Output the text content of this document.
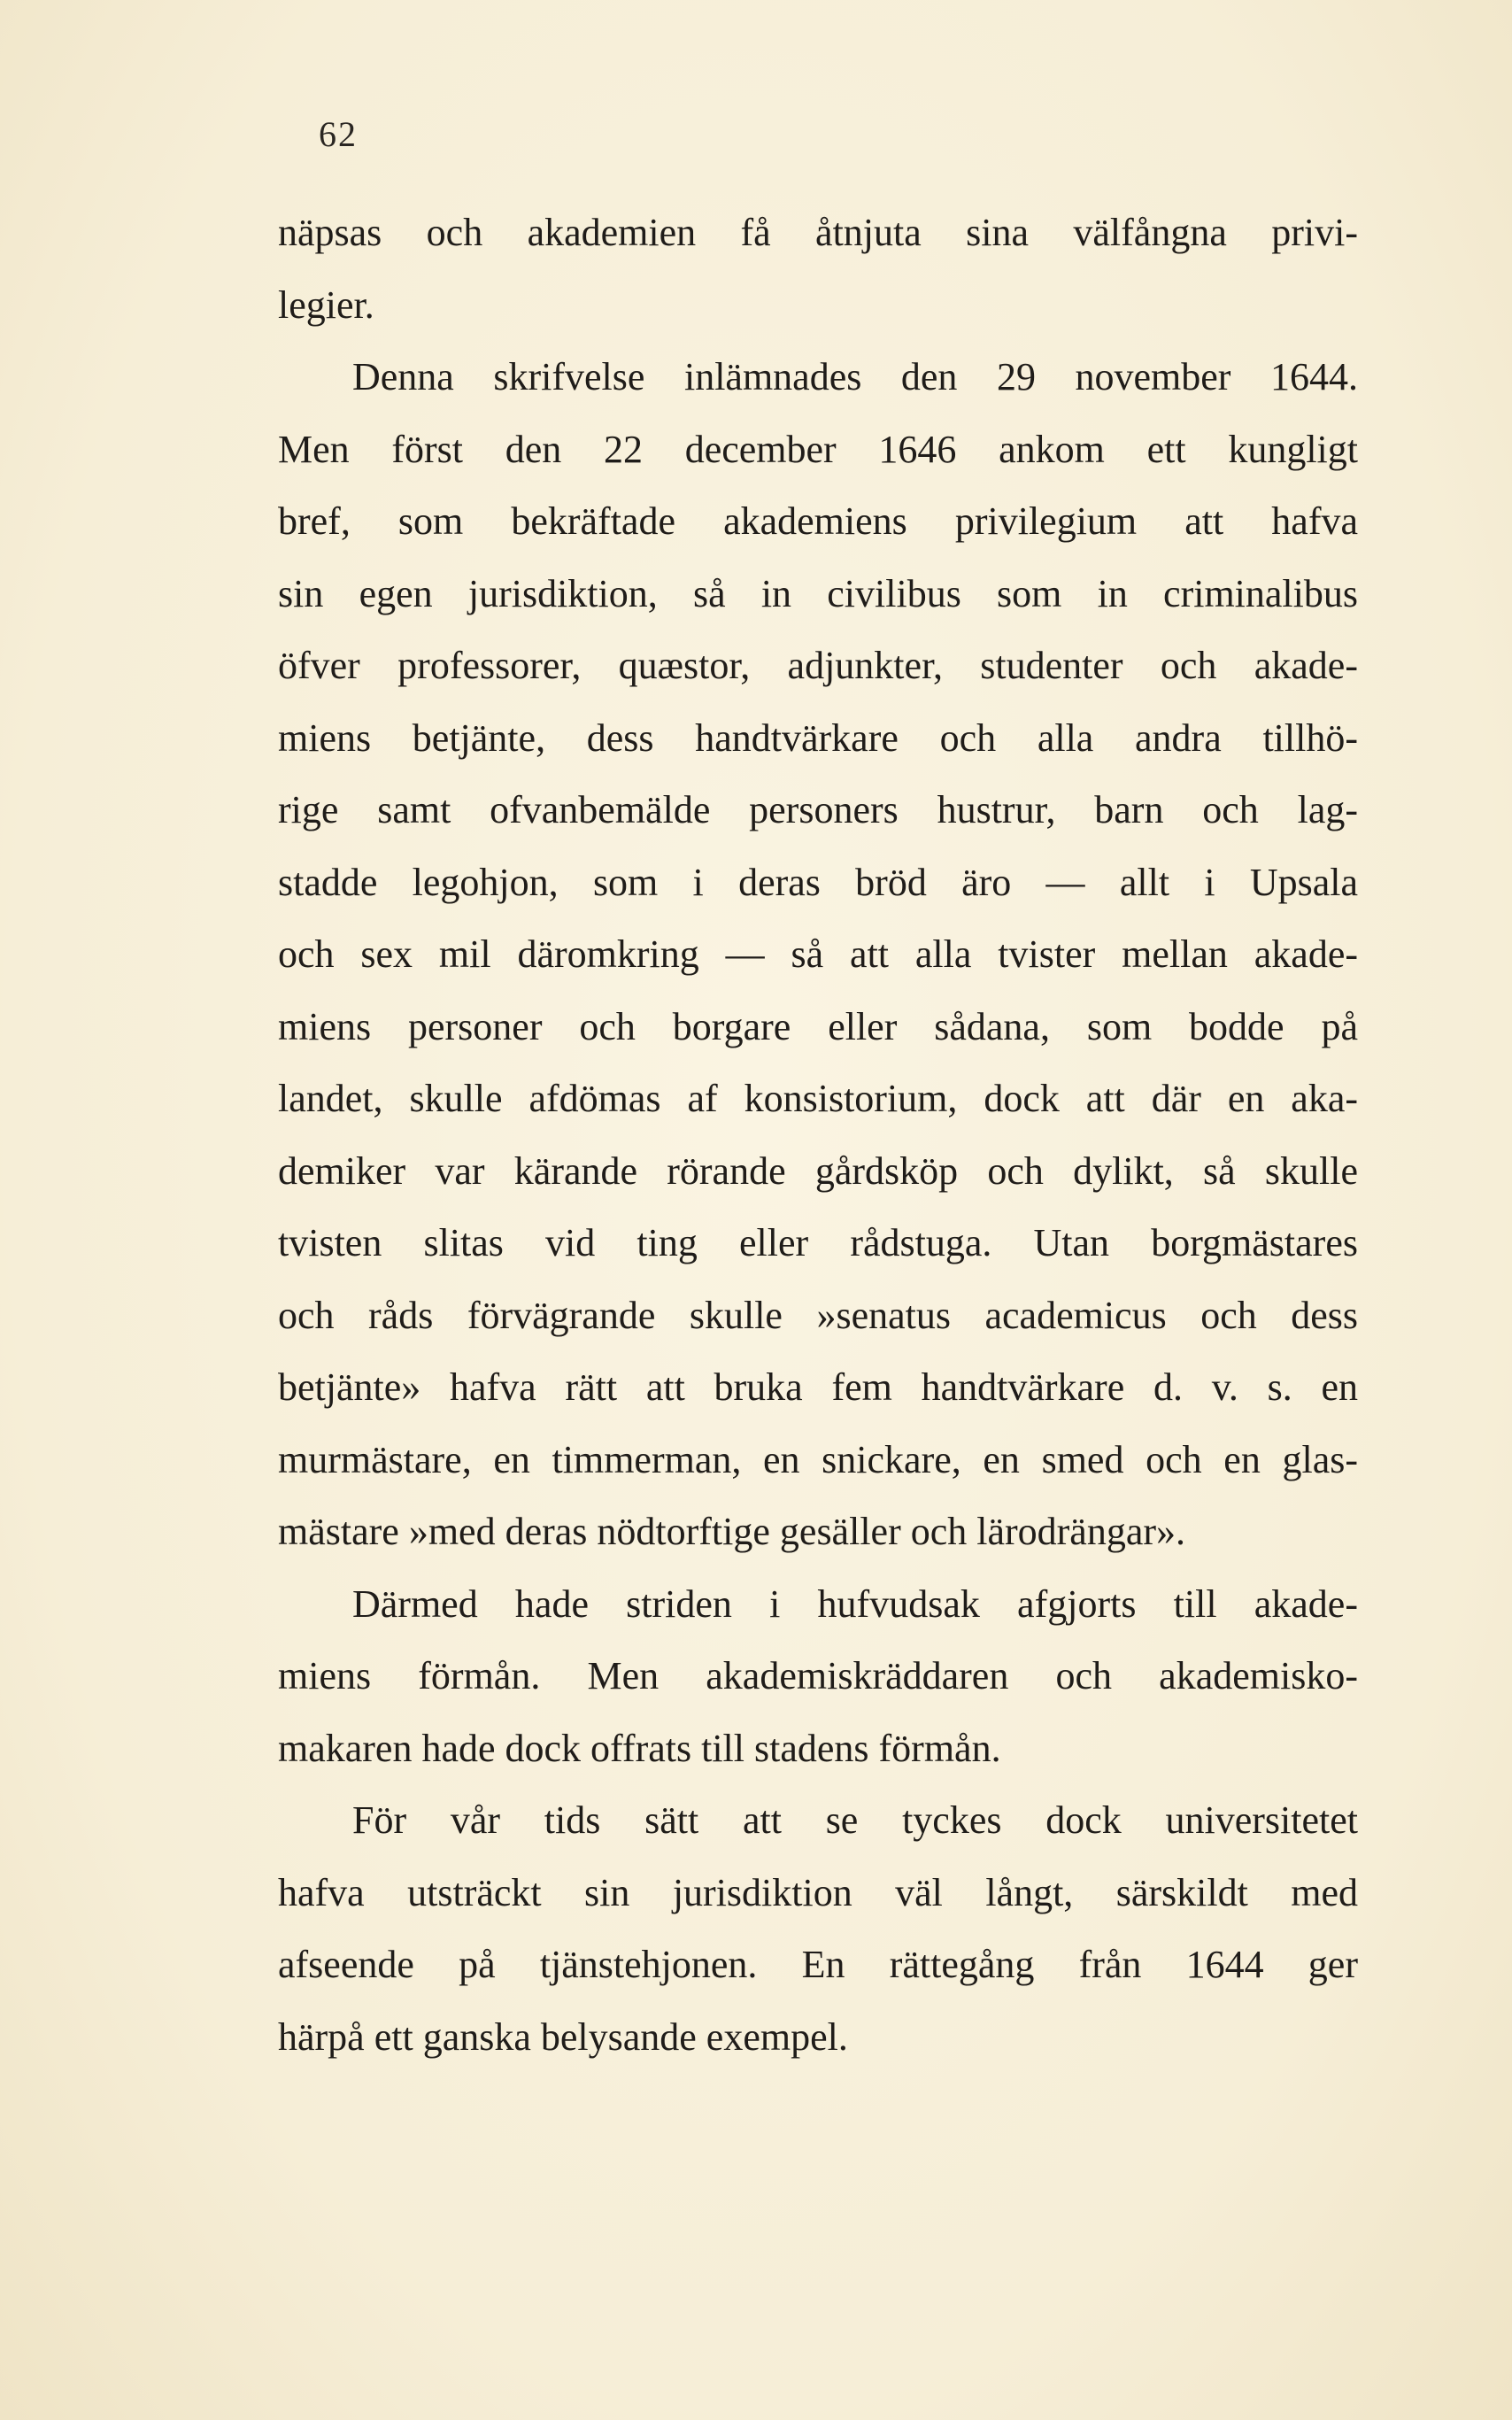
62
näpsas och akademien få åtnjuta sina välfångna privi-
legier.
Denna skrifvelse inlämnades den 29 november 1644.
Men först den 22 december 1646 ankom ett kungligt
bref, som bekräftade akademiens privilegium att hafva
sin egen jurisdiktion, så in civilibus som in criminalibus
öfver professorer, quæstor, adjunkter, studenter och akade-
miens betjänte, dess handtvärkare och alla andra tillhö-
rige samt ofvanbemälde personers hustrur, barn och lag-
stadde legohjon, som i deras bröd äro — allt i Upsala
och sex mil däromkring — så att alla tvister mellan akade-
miens personer och borgare eller sådana, som bodde på
landet, skulle afdömas af konsistorium, dock att där en aka-
demiker var kärande rörande gårdsköp och dylikt, så skulle
tvisten slitas vid ting eller rådstuga. Utan borgmästares
och råds förvägrande skulle »senatus academicus och dess
betjänte» hafva rätt att bruka fem handtvärkare d. v. s. en
murmästare, en timmerman, en snickare, en smed och en glas-
mästare »med deras nödtorftige gesäller och lärodrängar».
Därmed hade striden i hufvudsak afgjorts till akade-
miens förmån. Men akademiskräddaren och akademisko-
makaren hade dock offrats till stadens förmån.
För vår tids sätt att se tyckes dock universitetet
hafva utsträckt sin jurisdiktion väl långt, särskildt med
afseende på tjänstehjonen. En rättegång från 1644 ger
härpå ett ganska belysande exempel.
